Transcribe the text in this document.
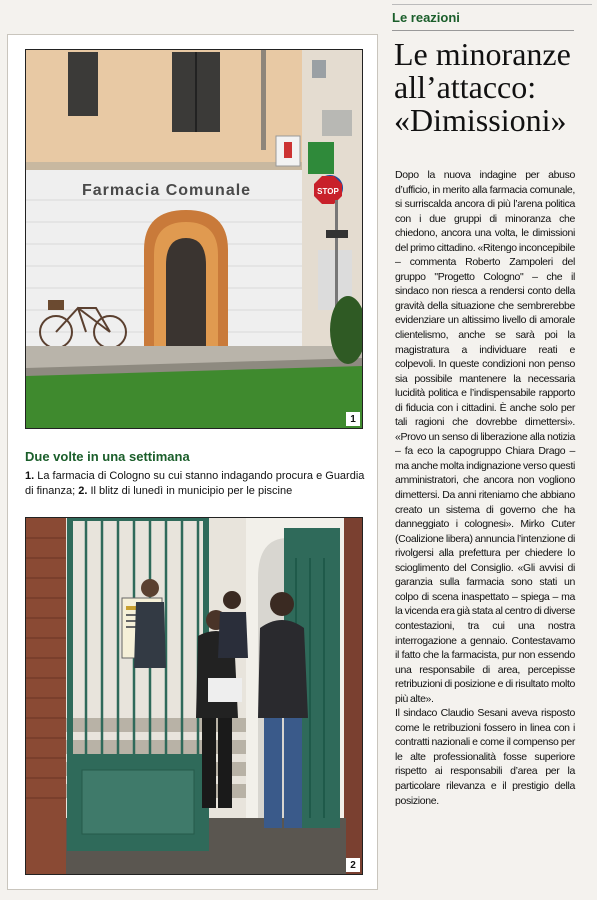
Farmacia Comunale	STOP
1
Due volte in una settimana
1. La farmacia di Cologno su cui stanno indagando procura e Guardia di finanza; 2. Il blitz di lunedì in municipio per le piscine
2
Le reazioni
Le minoranze all’attacco: «Dimissioni»

Dopo la nuova indagine per abuso d’ufficio, in merito alla farmacia comunale, si surriscalda ancora di più l’arena politica con i due gruppi di minoranza che chiedono, ancora una volta, le dimissioni del primo cittadino. «Ritengo inconcepibile – commenta Roberto Zampoleri del gruppo "Progetto Cologno" – che il sindaco non riesca a rendersi conto della gravità della situazione che sembrerebbe evidenziare un altissimo livello di amorale clientelismo, anche se sarà poi la magistratura a individuare reati e colpevoli. In queste condizioni non penso sia possibile mantenere la necessaria lucidità politica e l’indispensabile rapporto di fiducia con i cittadini. È anche solo per tali ragioni che dovrebbe dimettersi». «Provo un senso di liberazione alla notizia – fa eco la capogruppo Chiara Drago – ma anche molta indignazione verso questi amministratori, che ancora non vogliono dimettersi. Da anni riteniamo che abbiano creato un sistema di governo che ha danneggiato i colognesi». Mirko Cuter (Coalizione libera) annuncia l’intenzione di rivolgersi alla prefettura per chiedere lo scioglimento del Consiglio. «Gli avvisi di garanzia sulla farmacia sono stati un colpo di scena inaspettato – spiega – ma la vicenda era già stata al centro di diverse contestazioni, tra cui una nostra interrogazione a gennaio. Contestavamo il fatto che la farmacista, pur non essendo una responsabile di area, percepisse retribuzioni di posizione e di risultato molto più alte».

Il sindaco Claudio Sesani aveva risposto come le retribuzioni fossero in linea con i contratti nazionali e come il compenso per le alte professionalità fosse superiore rispetto ai responsabili d’area per la particolare rilevanza e il prestigio della posizione.
